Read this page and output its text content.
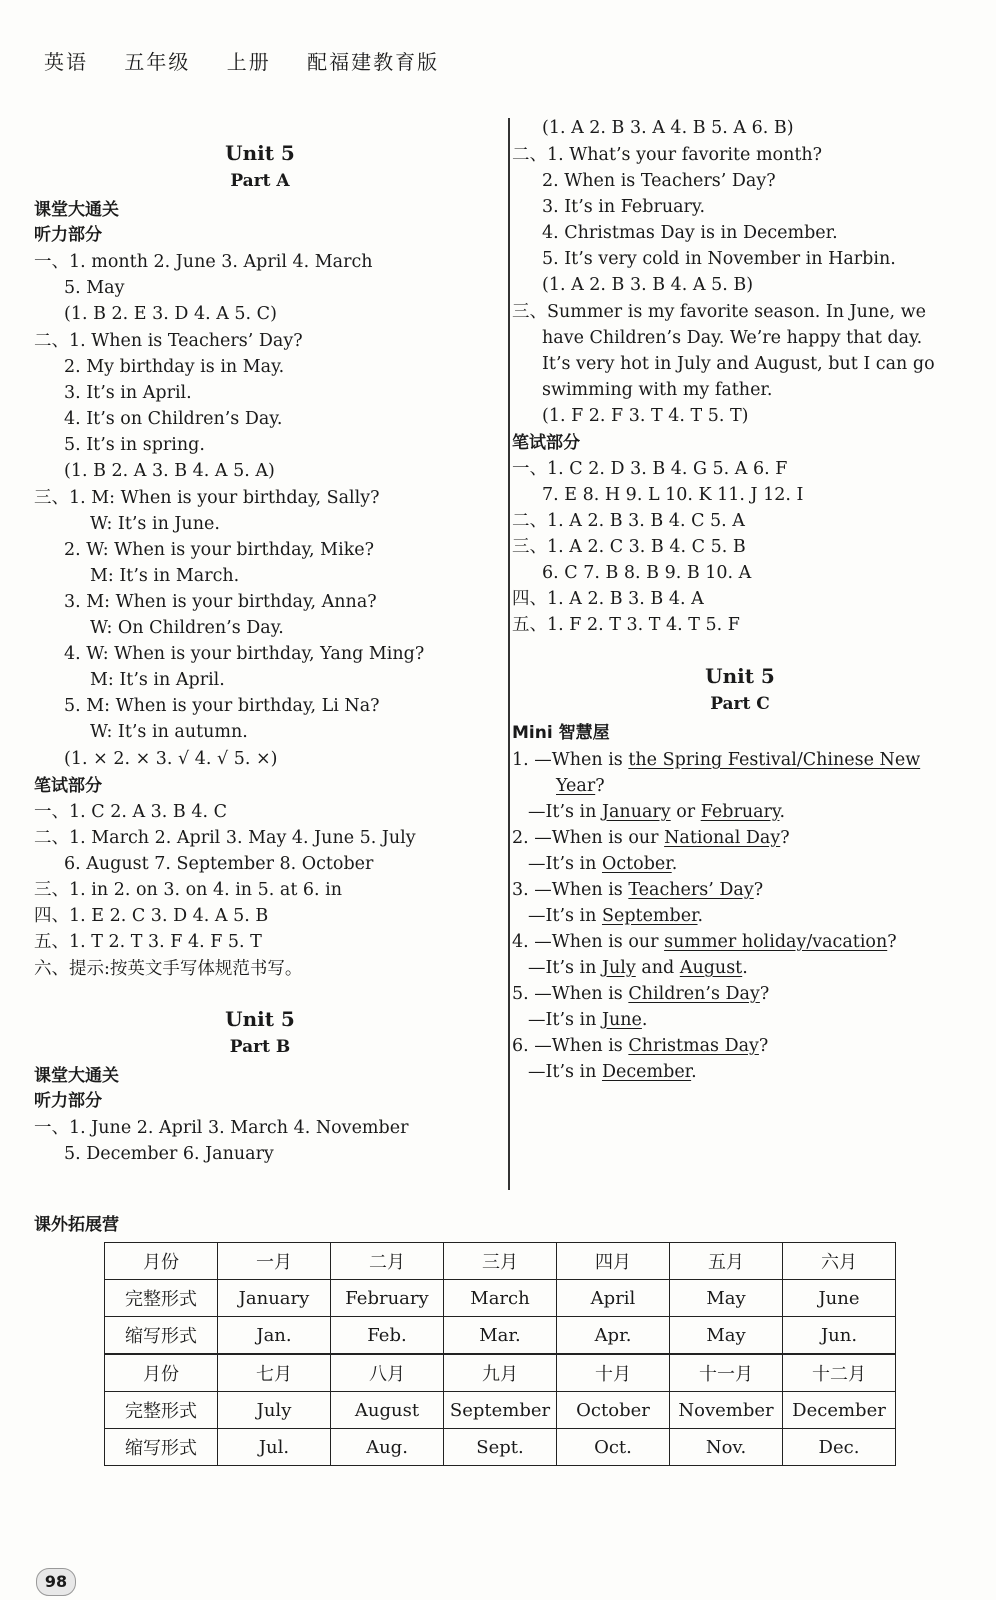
英语 五年级 上册 配福建教育版
Unit 5
Part A
课堂大通关
听力部分
一、1. month 2. June 3. April 4. March
5. May
(1. B 2. E 3. D 4. A 5. C)
二、1. When is Teachers’ Day?
2. My birthday is in May.
3. It’s in April.
4. It’s on Children’s Day.
5. It’s in spring.
(1. B 2. A 3. B 4. A 5. A)
三、1. M: When is your birthday, Sally?
W: It’s in June.
2. W: When is your birthday, Mike?
M: It’s in March.
3. M: When is your birthday, Anna?
W: On Children’s Day.
4. W: When is your birthday, Yang Ming?
M: It’s in April.
5. M: When is your birthday, Li Na?
W: It’s in autumn.
(1. × 2. × 3. √ 4. √ 5. ×)
笔试部分
一、1. C 2. A 3. B 4. C
二、1. March 2. April 3. May 4. June 5. July
6. August 7. September 8. October
三、1. in 2. on 3. on 4. in 5. at 6. in
四、1. E 2. C 3. D 4. A 5. B
五、1. T 2. T 3. F 4. F 5. T
六、提示:按英文手写体规范书写。
Unit 5
Part B
课堂大通关
听力部分
一、1. June 2. April 3. March 4. November
5. December 6. January
(1. A 2. B 3. A 4. B 5. A 6. B)
二、1. What’s your favorite month?
2. When is Teachers’ Day?
3. It’s in February.
4. Christmas Day is in December.
5. It’s very cold in November in Harbin.
(1. A 2. B 3. B 4. A 5. B)
三、Summer is my favorite season. In June, we
have Children’s Day. We’re happy that day.
It’s very hot in July and August, but I can go
swimming with my father.
(1. F 2. F 3. T 4. T 5. T)
笔试部分
一、1. C 2. D 3. B 4. G 5. A 6. F
7. E 8. H 9. L 10. K 11. J 12. I
二、1. A 2. B 3. B 4. C 5. A
三、1. A 2. C 3. B 4. C 5. B
6. C 7. B 8. B 9. B 10. A
四、1. A 2. B 3. B 4. A
五、1. F 2. T 3. T 4. T 5. F
Unit 5
Part C
Mini 智慧屋
1. —When is the Spring Festival/Chinese New
Year?
—It’s in January or February.
2. —When is our National Day?
—It’s in October.
3. —When is Teachers’ Day?
—It’s in September.
4. —When is our summer holiday/vacation?
—It’s in July and August.
5. —When is Children’s Day?
—It’s in June.
6. —When is Christmas Day?
—It’s in December.
课外拓展营
月份	一月	二月	三月	四月	五月	六月
完整形式	January	February	March	April	May	June
缩写形式	Jan.	Feb.	Mar.	Apr.	May	Jun.
月份	七月	八月	九月	十月	十一月	十二月
完整形式	July	August	September	October	November	December
缩写形式	Jul.	Aug.	Sept.	Oct.	Nov.	Dec.
98
